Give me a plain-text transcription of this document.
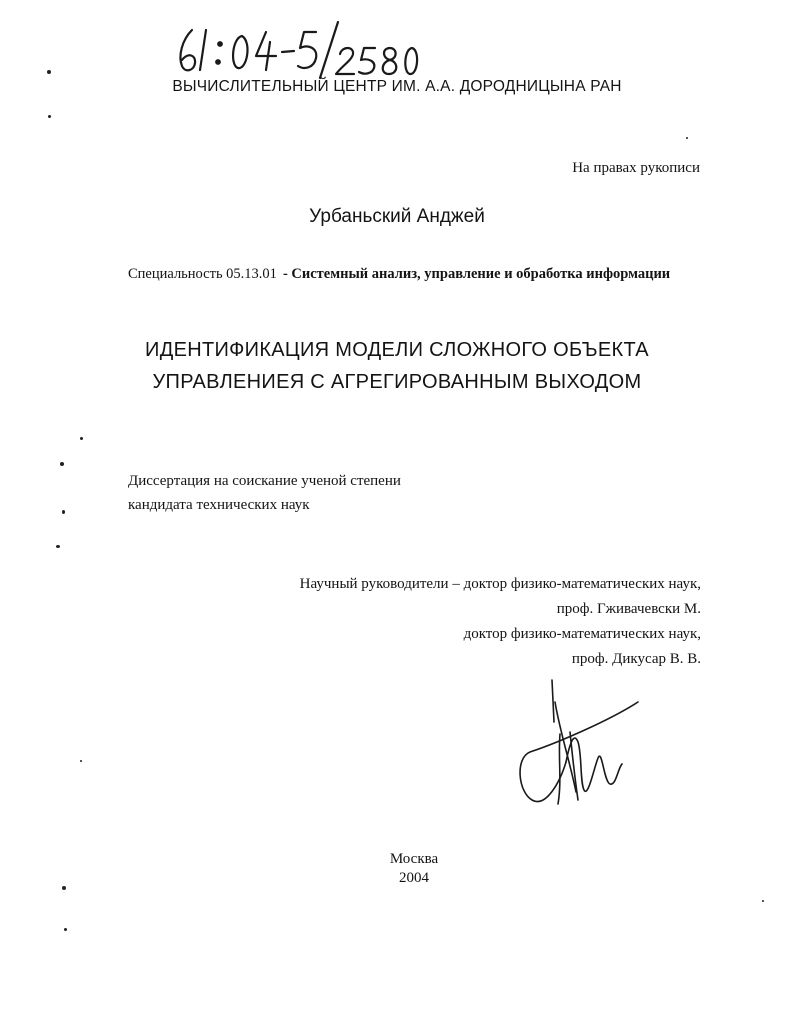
ВЫЧИСЛИТЕЛЬНЫЙ ЦЕНТР ИМ. А.А. ДОРОДНИЦЫНА РАН
На правах рукописи
Урбаньский Анджей
Специальность 05.13.01 - Системный анализ, управление и обработка информации
ИДЕНТИФИКАЦИЯ МОДЕЛИ СЛОЖНОГО ОБЪЕКТА
УПРАВЛЕНИЕЯ С АГРЕГИРОВАННЫМ ВЫХОДОМ
Диссертация на соискание ученой степени
кандидата технических наук
Научный руководители – доктор физико-математических наук,
проф. Гживачевски М.
доктор физико-математических наук,
проф. Дикусар В. В.
Москва
2004
